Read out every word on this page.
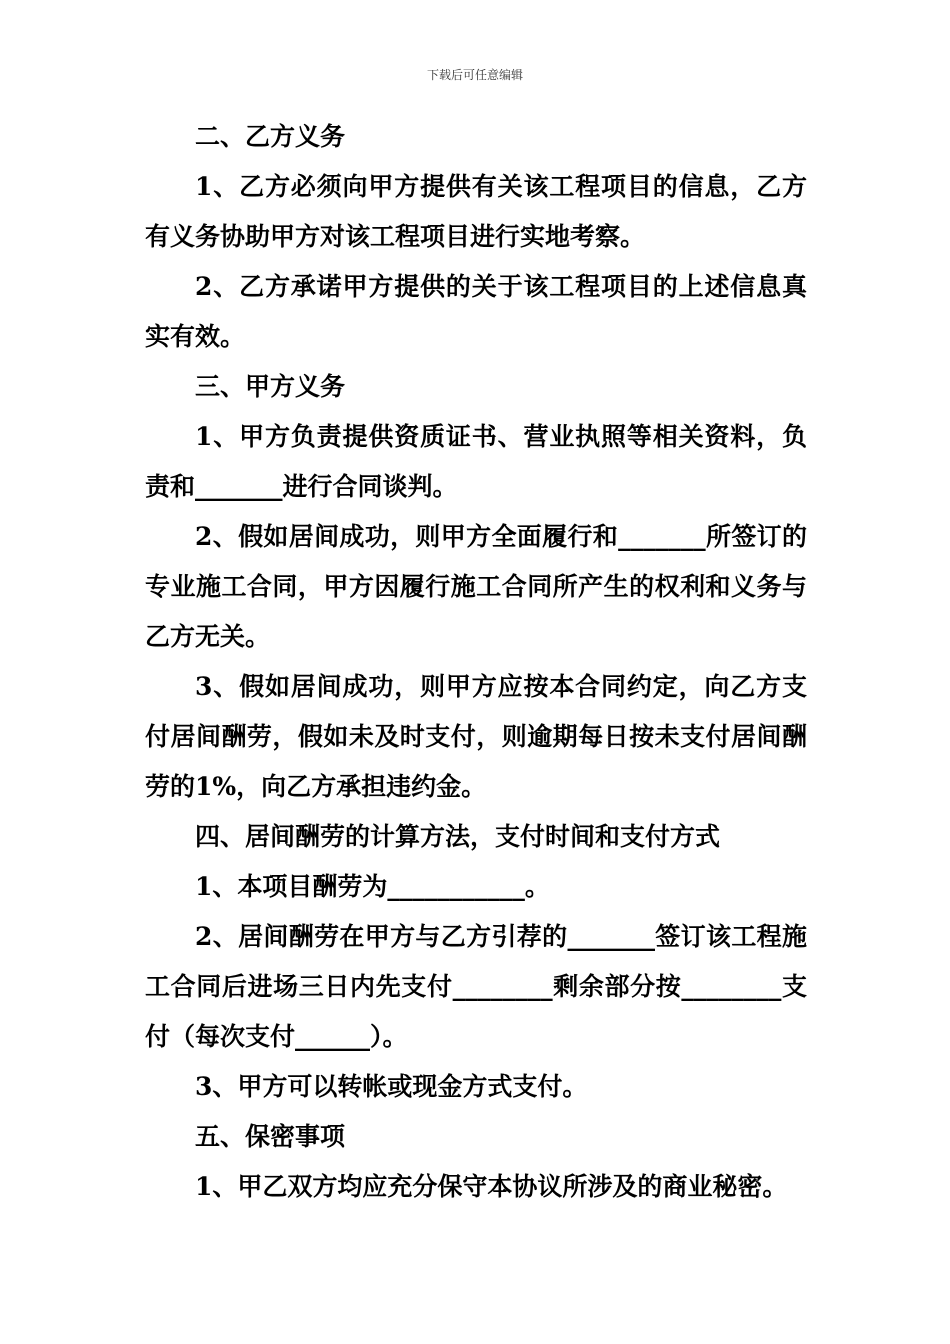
下载后可任意编辑

二、乙方义务

1、乙方必须向甲方提供有关该工程项目的信息，乙方有义务协助甲方对该工程项目进行实地考察。

2、乙方承诺甲方提供的关于该工程项目的上述信息真实有效。

三、甲方义务

1、甲方负责提供资质证书、营业执照等相关资料，负责和_______进行合同谈判。

2、假如居间成功，则甲方全面履行和_______所签订的专业施工合同，甲方因履行施工合同所产生的权利和义务与乙方无关。

3、假如居间成功，则甲方应按本合同约定，向乙方支付居间酬劳，假如未及时支付，则逾期每日按未支付居间酬劳的1%，向乙方承担违约金。

四、居间酬劳的计算方法，支付时间和支付方式

1、本项目酬劳为___________。

2、居间酬劳在甲方与乙方引荐的_______签订该工程施工合同后进场三日内先支付________剩余部分按________支付（每次支付______）。

3、甲方可以转帐或现金方式支付。

五、保密事项

1、甲乙双方均应充分保守本协议所涉及的商业秘密。
